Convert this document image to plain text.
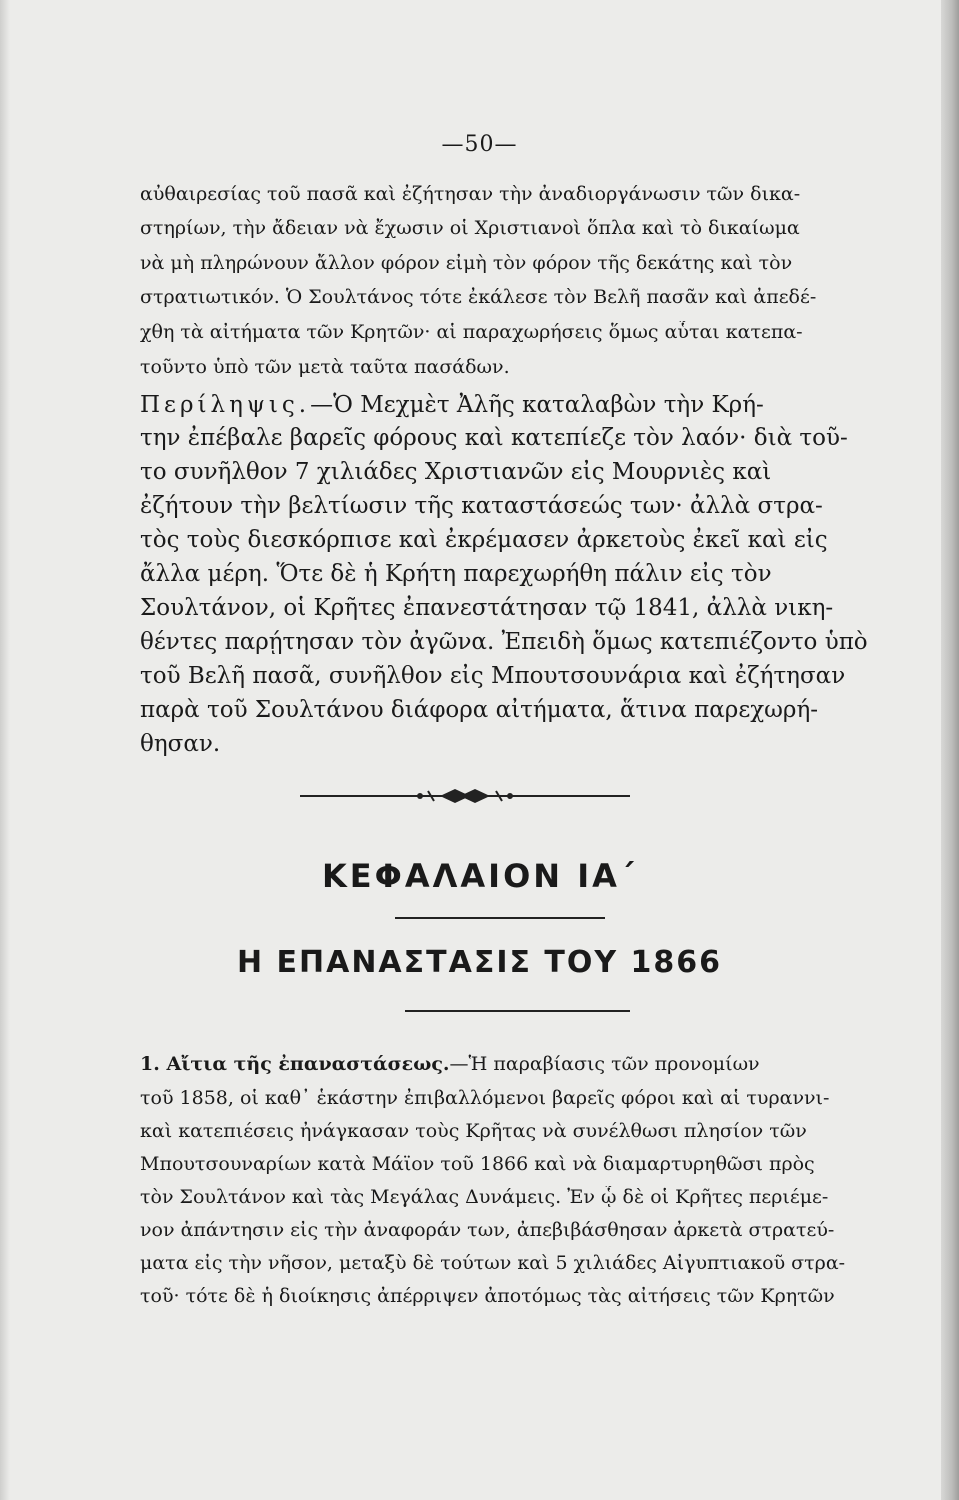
—50—
αὐθαιρεσίας τοῦ πασᾶ καὶ ἐζήτησαν τὴν ἀναδιοργάνωσιν τῶν δικα-
στηρίων, τὴν ἄδειαν νὰ ἔχωσιν οἱ Χριστιανοὶ ὅπλα καὶ τὸ δικαίωμα
νὰ μὴ πληρώνουν ἄλλον φόρον εἰμὴ τὸν φόρον τῆς δεκάτης καὶ τὸν
στρατιωτικόν. Ὁ Σουλτάνος τότε ἐκάλεσε τὸν Βελῆ πασᾶν καὶ ἀπεδέ-
χθη τὰ αἰτήματα τῶν Κρητῶν· αἱ παραχωρήσεις ὅμως αὗται κατεπα-
τοῦντο ὑπὸ τῶν μετὰ ταῦτα πασάδων.
Περίληψις.—Ὁ Μεχμὲτ Ἀλῆς καταλαβὼν τὴν Κρή-
την ἐπέβαλε βαρεῖς φόρους καὶ κατεπίεζε τὸν λαόν· διὰ τοῦ-
το συνῆλθον 7 χιλιάδες Χριστιανῶν εἰς Μουρνιὲς καὶ
ἐζήτουν τὴν βελτίωσιν τῆς καταστάσεώς των· ἀλλὰ στρα-
τὸς τοὺς διεσκόρπισε καὶ ἐκρέμασεν ἀρκετοὺς ἐκεῖ καὶ εἰς
ἄλλα μέρη. Ὅτε δὲ ἡ Κρήτη παρεχωρήθη πάλιν εἰς τὸν
Σουλτάνον, οἱ Κρῆτες ἐπανεστάτησαν τῷ 1841, ἀλλὰ νικη-
θέντες παρῄτησαν τὸν ἀγῶνα. Ἐπειδὴ ὅμως κατεπιέζοντο ὑπὸ
τοῦ Βελῆ πασᾶ, συνῆλθον εἰς Μπουτσουνάρια καὶ ἐζήτησαν
παρὰ τοῦ Σουλτάνου διάφορα αἰτήματα, ἅτινα παρεχωρή-
θησαν.
ΚΕΦΑΛΑΙΟΝ ΙΑ΄
Η ΕΠΑΝΑΣΤΑΣΙΣ ΤΟΥ 1866
1. Αἴτια τῆς ἐπαναστάσεως.—Ἡ παραβίασις τῶν προνομίων
τοῦ 1858, οἱ καθ᾽ ἑκάστην ἐπιβαλλόμενοι βαρεῖς φόροι καὶ αἱ τυραννι-
καὶ κατεπιέσεις ἠνάγκασαν τοὺς Κρῆτας νὰ συνέλθωσι πλησίον τῶν
Μπουτσουναρίων κατὰ Μάϊον τοῦ 1866 καὶ νὰ διαμαρτυρηθῶσι πρὸς
τὸν Σουλτάνον καὶ τὰς Μεγάλας Δυνάμεις. Ἐν ᾧ δὲ οἱ Κρῆτες περιέμε-
νον ἀπάντησιν εἰς τὴν ἀναφοράν των, ἀπεβιβάσθησαν ἀρκετὰ στρατεύ-
ματα εἰς τὴν νῆσον, μεταξὺ δὲ τούτων καὶ 5 χιλιάδες Αἰγυπτιακοῦ στρα-
τοῦ· τότε δὲ ἡ διοίκησις ἀπέρριψεν ἀποτόμως τὰς αἰτήσεις τῶν Κρητῶν
